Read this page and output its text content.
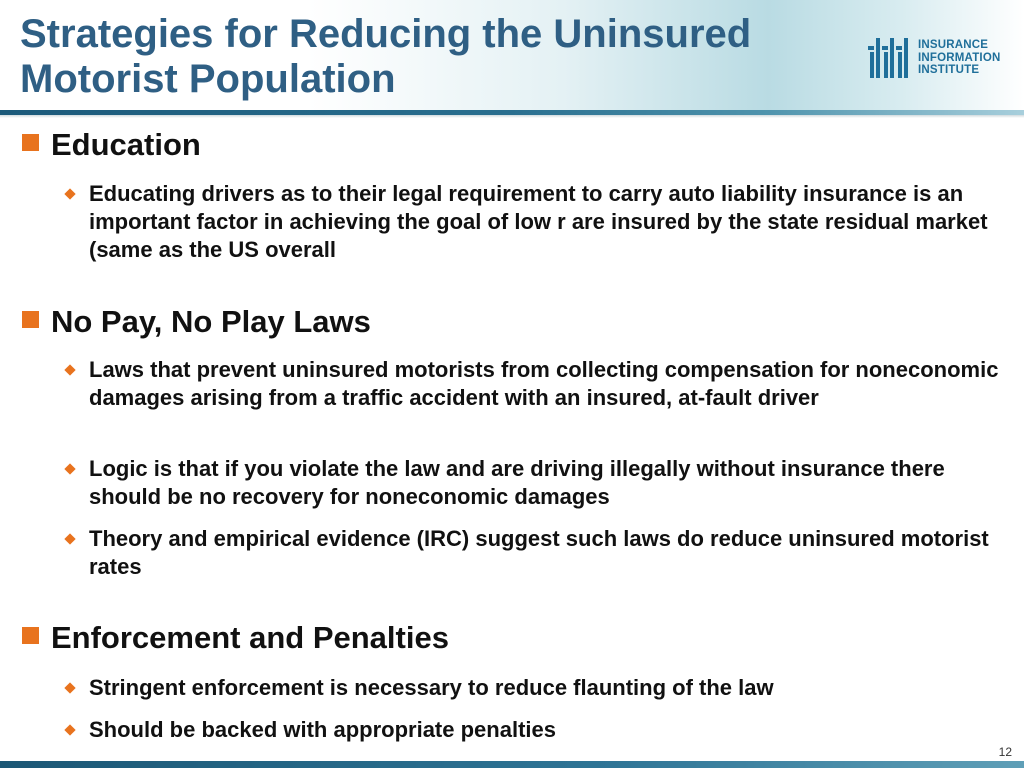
Strategies for Reducing the Uninsured
Motorist Population
INSURANCE
INFORMATION
INSTITUTE
Education
Educating drivers as to their legal requirement to carry auto liability insurance is an important factor in achieving the goal of low r are insured by the state residual market (same as the US overall
No Pay, No Play Laws
Laws that prevent uninsured motorists from collecting compensation for noneconomic damages arising from a traffic accident with an insured, at-fault driver
Logic is that if you violate the law and are driving illegally without insurance there should be no recovery for noneconomic damages
Theory and empirical evidence (IRC) suggest such laws do reduce uninsured motorist rates
Enforcement and Penalties
Stringent enforcement is necessary to reduce flaunting of the law
Should be backed with appropriate penalties
12
